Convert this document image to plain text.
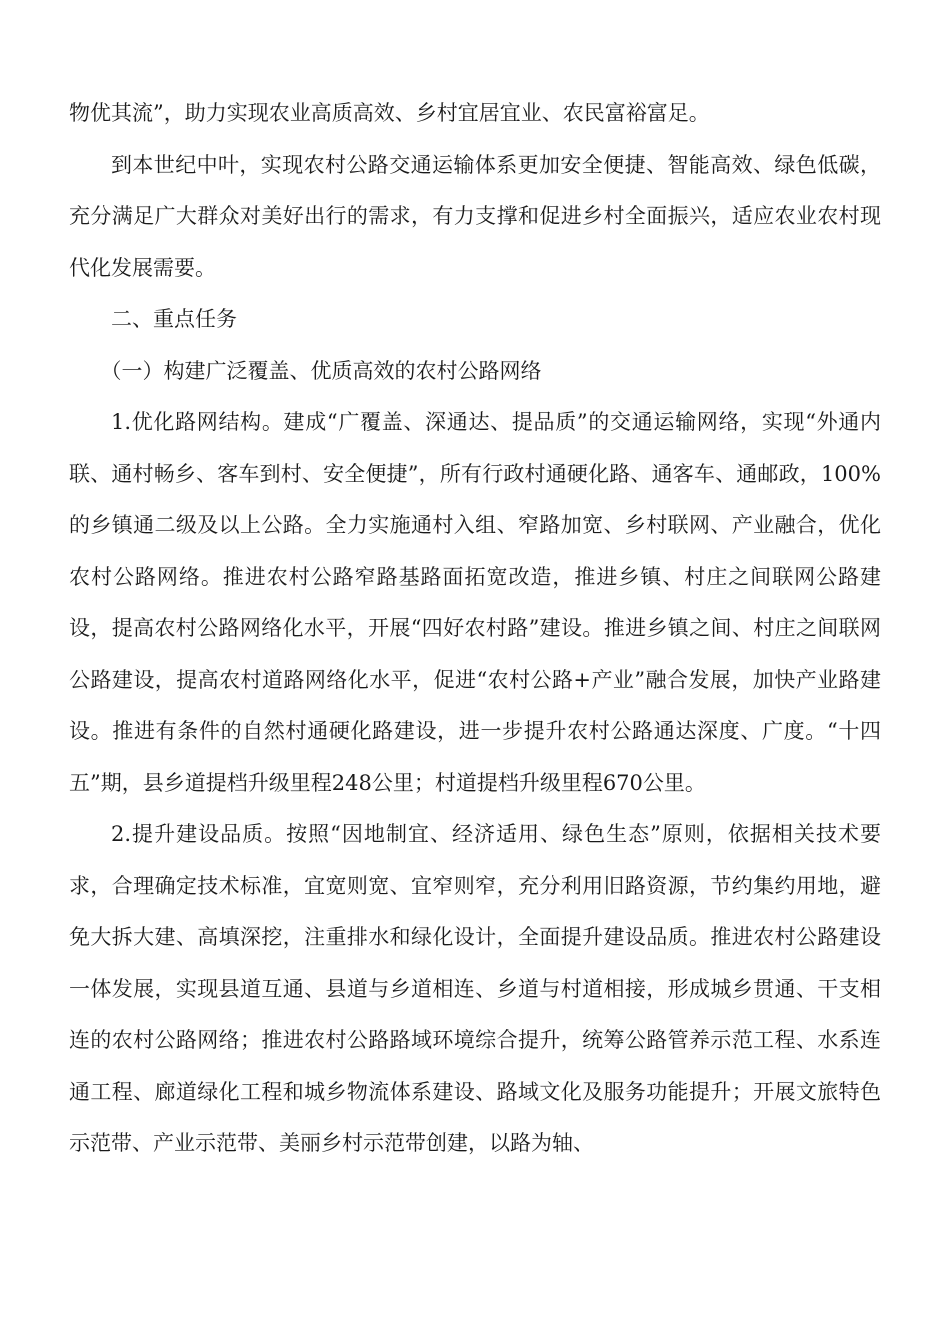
物优其流”，助力实现农业高质高效、乡村宜居宜业、农民富裕富足。

到本世纪中叶，实现农村公路交通运输体系更加安全便捷、智能高效、绿色低碳，充分满足广大群众对美好出行的需求，有力支撑和促进乡村全面振兴，适应农业农村现代化发展需要。

二、重点任务

（一）构建广泛覆盖、优质高效的农村公路网络

1.优化路网结构。建成“广覆盖、深通达、提品质”的交通运输网络，实现“外通内联、通村畅乡、客车到村、安全便捷”，所有行政村通硬化路、通客车、通邮政，100%的乡镇通二级及以上公路。全力实施通村入组、窄路加宽、乡村联网、产业融合，优化农村公路网络。推进农村公路窄路基路面拓宽改造，推进乡镇、村庄之间联网公路建设，提高农村公路网络化水平，开展“四好农村路”建设。推进乡镇之间、村庄之间联网公路建设，提高农村道路网络化水平，促进“农村公路+产业”融合发展，加快产业路建设。推进有条件的自然村通硬化路建设，进一步提升农村公路通达深度、广度。“十四五”期，县乡道提档升级里程248公里；村道提档升级里程670公里。

2.提升建设品质。按照“因地制宜、经济适用、绿色生态”原则，依据相关技术要求，合理确定技术标准，宜宽则宽、宜窄则窄，充分利用旧路资源，节约集约用地，避免大拆大建、高填深挖，注重排水和绿化设计，全面提升建设品质。推进农村公路建设一体发展，实现县道互通、县道与乡道相连、乡道与村道相接，形成城乡贯通、干支相连的农村公路网络；推进农村公路路域环境综合提升，统筹公路管养示范工程、水系连通工程、廊道绿化工程和城乡物流体系建设、路域文化及服务功能提升；开展文旅特色示范带、产业示范带、美丽乡村示范带创建，以路为轴、
